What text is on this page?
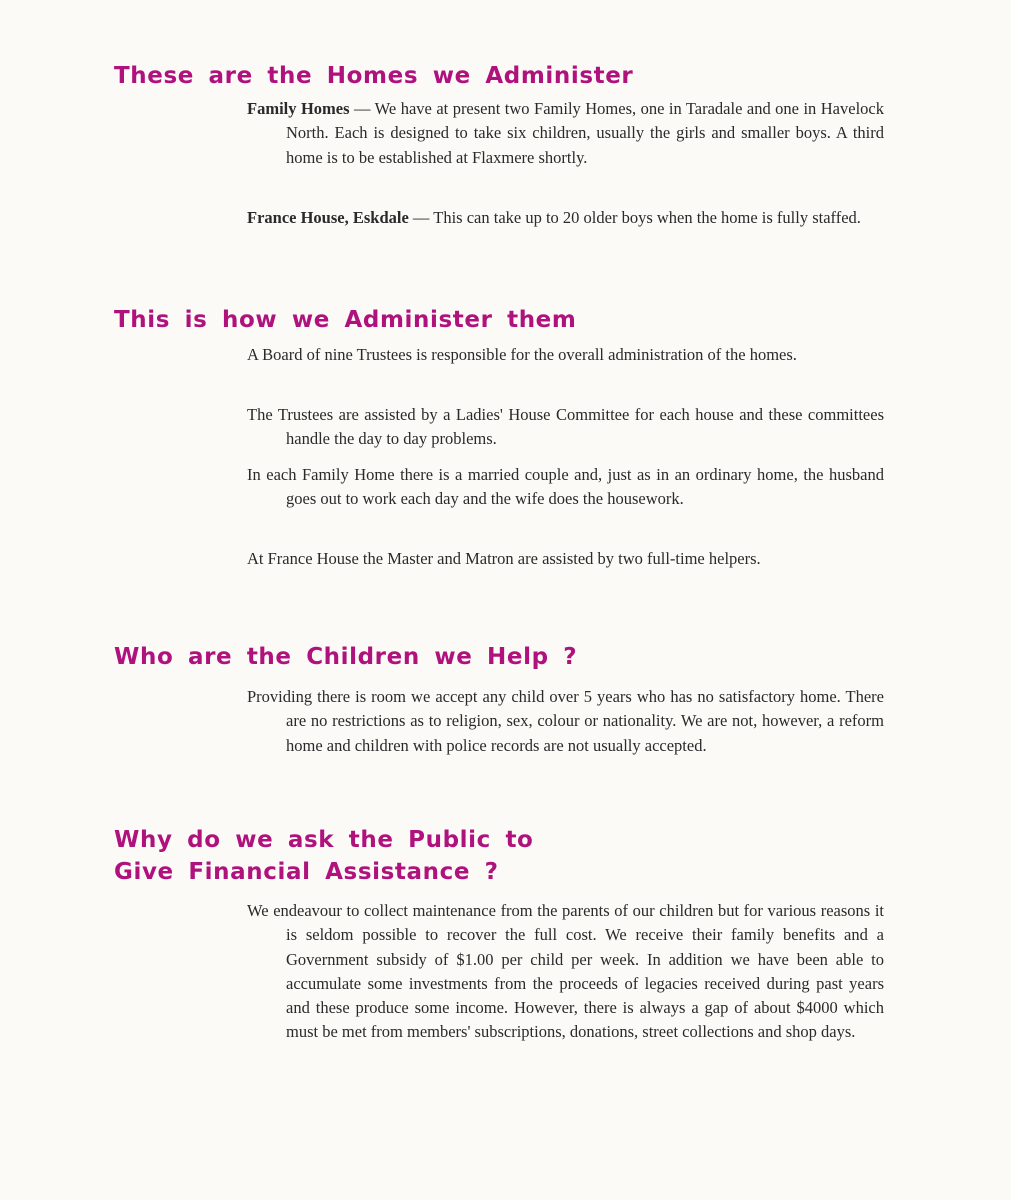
These are the Homes we Administer

Family Homes — We have at present two Family Homes, one in Taradale and one in Havelock North. Each is designed to take six children, usually the girls and smaller boys. A third home is to be established at Flaxmere shortly.

France House, Eskdale — This can take up to 20 older boys when the home is fully staffed.

This is how we Administer them

A Board of nine Trustees is responsible for the overall administration of the homes.

The Trustees are assisted by a Ladies' House Committee for each house and these committees handle the day to day problems.

In each Family Home there is a married couple and, just as in an ordinary home, the husband goes out to work each day and the wife does the housework.

At France House the Master and Matron are assisted by two full-time helpers.

Who are the Children we Help ?

Providing there is room we accept any child over 5 years who has no satisfactory home. There are no restrictions as to religion, sex, colour or nationality. We are not, however, a reform home and children with police records are not usually accepted.

Why do we ask the Public to
Give Financial Assistance ?

We endeavour to collect maintenance from the parents of our children but for various reasons it is seldom possible to recover the full cost. We receive their family benefits and a Government subsidy of $1.00 per child per week. In addition we have been able to accumulate some investments from the proceeds of legacies received during past years and these produce some income. However, there is always a gap of about $4000 which must be met from members' subscriptions, donations, street collections and shop days.
